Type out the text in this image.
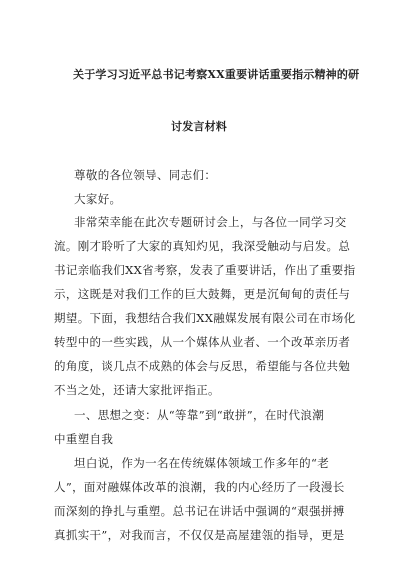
关于学习习近平总书记考察XX重要讲话重要指示精神的研
讨发言材料
尊敬的各位领导、同志们：
大家好。
非常荣幸能在此次专题研讨会上，与各位一同学习交
流。刚才聆听了大家的真知灼见，我深受触动与启发。总
书记亲临我们XX省考察，发表了重要讲话，作出了重要指
示，这既是对我们工作的巨大鼓舞，更是沉甸甸的责任与
期望。下面，我想结合我们XX融媒发展有限公司在市场化
转型中的一些实践，从一个媒体从业者、一个改革亲历者
的角度，谈几点不成熟的体会与反思，希望能与各位共勉
不当之处，还请大家批评指正。
一、思想之变：从“等靠”到“敢拼”，在时代浪潮
中重塑自我
坦白说，作为一名在传统媒体领域工作多年的“老
人”，面对融媒体改革的浪潮，我的内心经历了一段漫长
而深刻的挣扎与重塑。总书记在讲话中强调的“艰强拼搏
真抓实干”，对我而言，不仅仅是高屋建瓴的指导，更是
